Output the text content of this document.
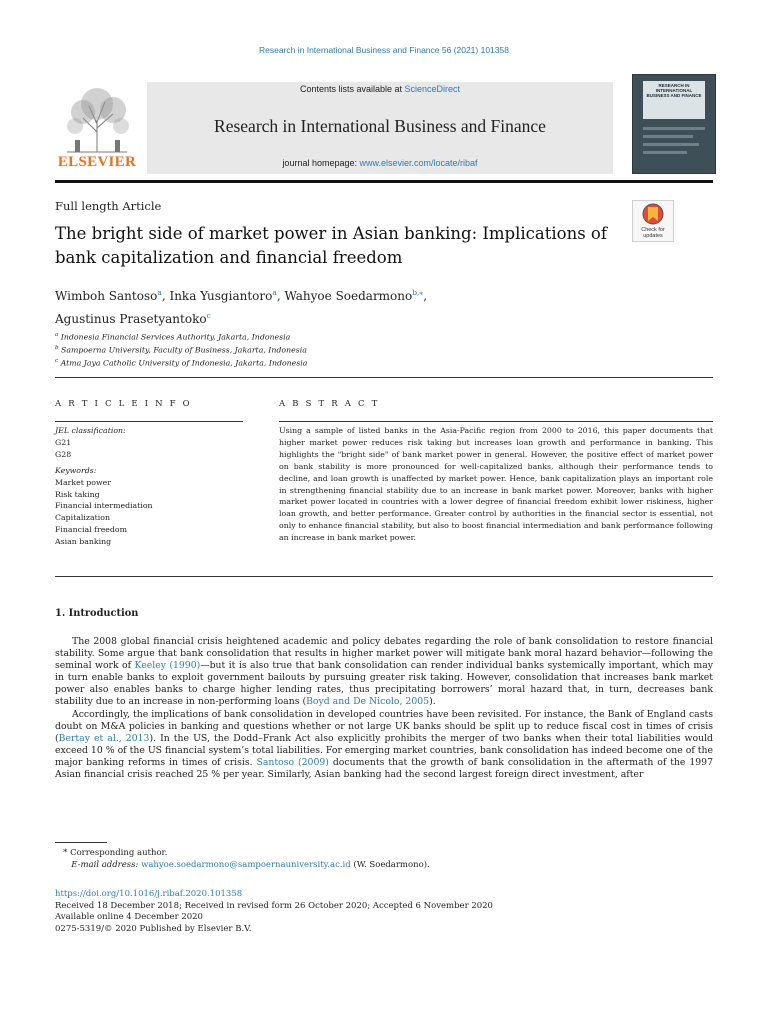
Research in International Business and Finance 56 (2021) 101358
ELSEVIER
Contents lists available at ScienceDirect
Research in International Business and Finance
journal homepage: www.elsevier.com/locate/ribaf
RESEARCH IN INTERNATIONAL BUSINESS AND FINANCE
Full length Article
The bright side of market power in Asian banking: Implications of bank capitalization and financial freedom
Check for updates
Wimboh Santoso$^a$, Inka Yusgiantoro$^a$, Wahyoe Soedarmono$^{b,⁎}$,
Agustinus Prasetyantoko$^c$
$^a$ Indonesia Financial Services Authority, Jakarta, Indonesia
$^b$ Sampoerna University, Faculty of Business, Jakarta, Indonesia
$^c$ Atma Jaya Catholic University of Indonesia, Jakarta, Indonesia
A R T I C L E I N F O
JEL classification:
G21
G28
Keywords:
Market power
Risk taking
Financial intermediation
Capitalization
Financial freedom
Asian banking
A B S T R A C T
Using a sample of listed banks in the Asia-Pacific region from 2000 to 2016, this paper documents that higher market power reduces risk taking but increases loan growth and performance in banking. This highlights the "bright side" of bank market power in general. However, the positive effect of market power on bank stability is more pronounced for well-capitalized banks, although their performance tends to decline, and loan growth is unaffected by market power. Hence, bank capitalization plays an important role in strengthening financial stability due to an increase in bank market power. Moreover, banks with higher market power located in countries with a lower degree of financial freedom exhibit lower riskiness, higher loan growth, and better performance. Greater control by authorities in the financial sector is essential, not only to enhance financial stability, but also to boost financial intermediation and bank performance following an increase in bank market power.
1. Introduction

The 2008 global financial crisis heightened academic and policy debates regarding the role of bank consolidation to restore financial stability. Some argue that bank consolidation that results in higher market power will mitigate bank moral hazard behavior—following the seminal work of Keeley (1990)—but it is also true that bank consolidation can render individual banks systemically important, which may in turn enable banks to exploit government bailouts by pursuing greater risk taking. However, consolidation that increases bank market power also enables banks to charge higher lending rates, thus precipitating borrowers’ moral hazard that, in turn, decreases bank stability due to an increase in non-performing loans (Boyd and De Nicolo, 2005).

Accordingly, the implications of bank consolidation in developed countries have been revisited. For instance, the Bank of England casts doubt on M&A policies in banking and questions whether or not large UK banks should be split up to reduce fiscal cost in times of crisis (Bertay et al., 2013). In the US, the Dodd–Frank Act also explicitly prohibits the merger of two banks when their total liabilities would exceed 10 % of the US financial system’s total liabilities. For emerging market countries, bank consolidation has indeed become one of the major banking reforms in times of crisis. Santoso (2009) documents that the growth of bank consolidation in the aftermath of the 1997 Asian financial crisis reached 25 % per year. Similarly, Asian banking had the second largest foreign direct investment, after

* Corresponding author.
E-mail address: wahyoe.soedarmono@sampoernauniversity.ac.id (W. Soedarmono).
https://doi.org/10.1016/j.ribaf.2020.101358
Received 18 December 2018; Received in revised form 26 October 2020; Accepted 6 November 2020
Available online 4 December 2020
0275-5319/© 2020 Published by Elsevier B.V.
